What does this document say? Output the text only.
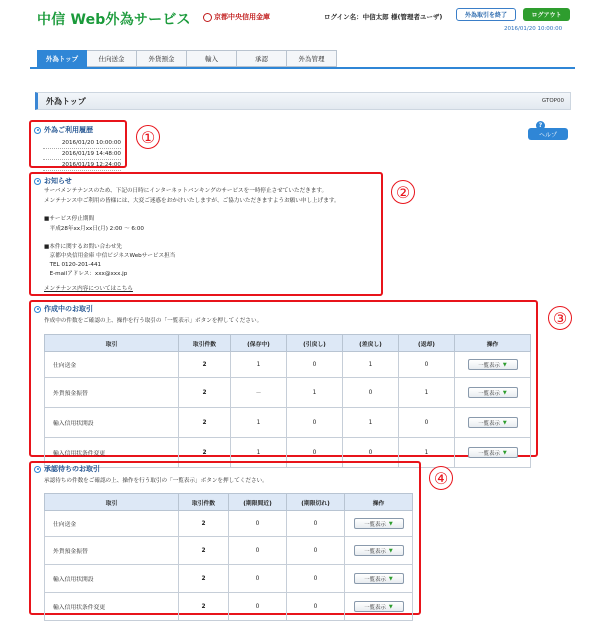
中信 Web外為サービス	京都中央信用金庫	ログイン名：中信太郎 様(管理者ユーザ)	外為取引を終了	ログアウト
2016/01/20 10:00:00
外為トップ	仕向送金	外貨預金	輸入	承認	外為管理
外為トップ	GTOP00
ヘルプ
?
①
外為ご利用履歴
2016/01/20 10:00:00
2016/01/19 14:48:00
2016/01/19 12:24:00
②
お知らせ
サーバメンテナンスのため、下記の日時にインターネットバンキングのサービスを一時停止させていただきます。
メンテナンス中ご利用の皆様には、大変ご迷惑をおかけいたしますが、ご協力いただきますようお願い申し上げます。
■サービス停止期間
　平成28年xx月xx日(月) 2:00 〜 6:00
■本件に関するお問い合わせ先
　京都中央信用金庫 中信ビジネスWebサービス担当
　TEL 0120-201-441
　E-mailアドレス：xxx@xxx.jp
メンテナンス内容についてはこちら
③
作成中のお取引
作成中の件数をご確認の上、操作を行う取引の「一覧表示」ボタンを押してください。
取引	取引件数	(保存中)	(引戻し)	(差戻し)	(返却)	操作
仕向送金	2	1	0	1	0	一覧表示 ▼

外貨預金振替	2	－	1	0	1	一覧表示 ▼

輸入信用状開設	2	1	0	1	0	一覧表示 ▼

輸入信用状条件変更	2	1	0	0	1	一覧表示 ▼
④
承認待ちのお取引
承認待ちの件数をご確認の上、操作を行う取引の「一覧表示」ボタンを押してください。
取引	取引件数	(期限間近)	(期限切れ)	操作
仕向送金	2	0	0	一覧表示 ▼

外貨預金振替	2	0	0	一覧表示 ▼

輸入信用状開設	2	0	0	一覧表示 ▼

輸入信用状条件変更	2	0	0	一覧表示 ▼
